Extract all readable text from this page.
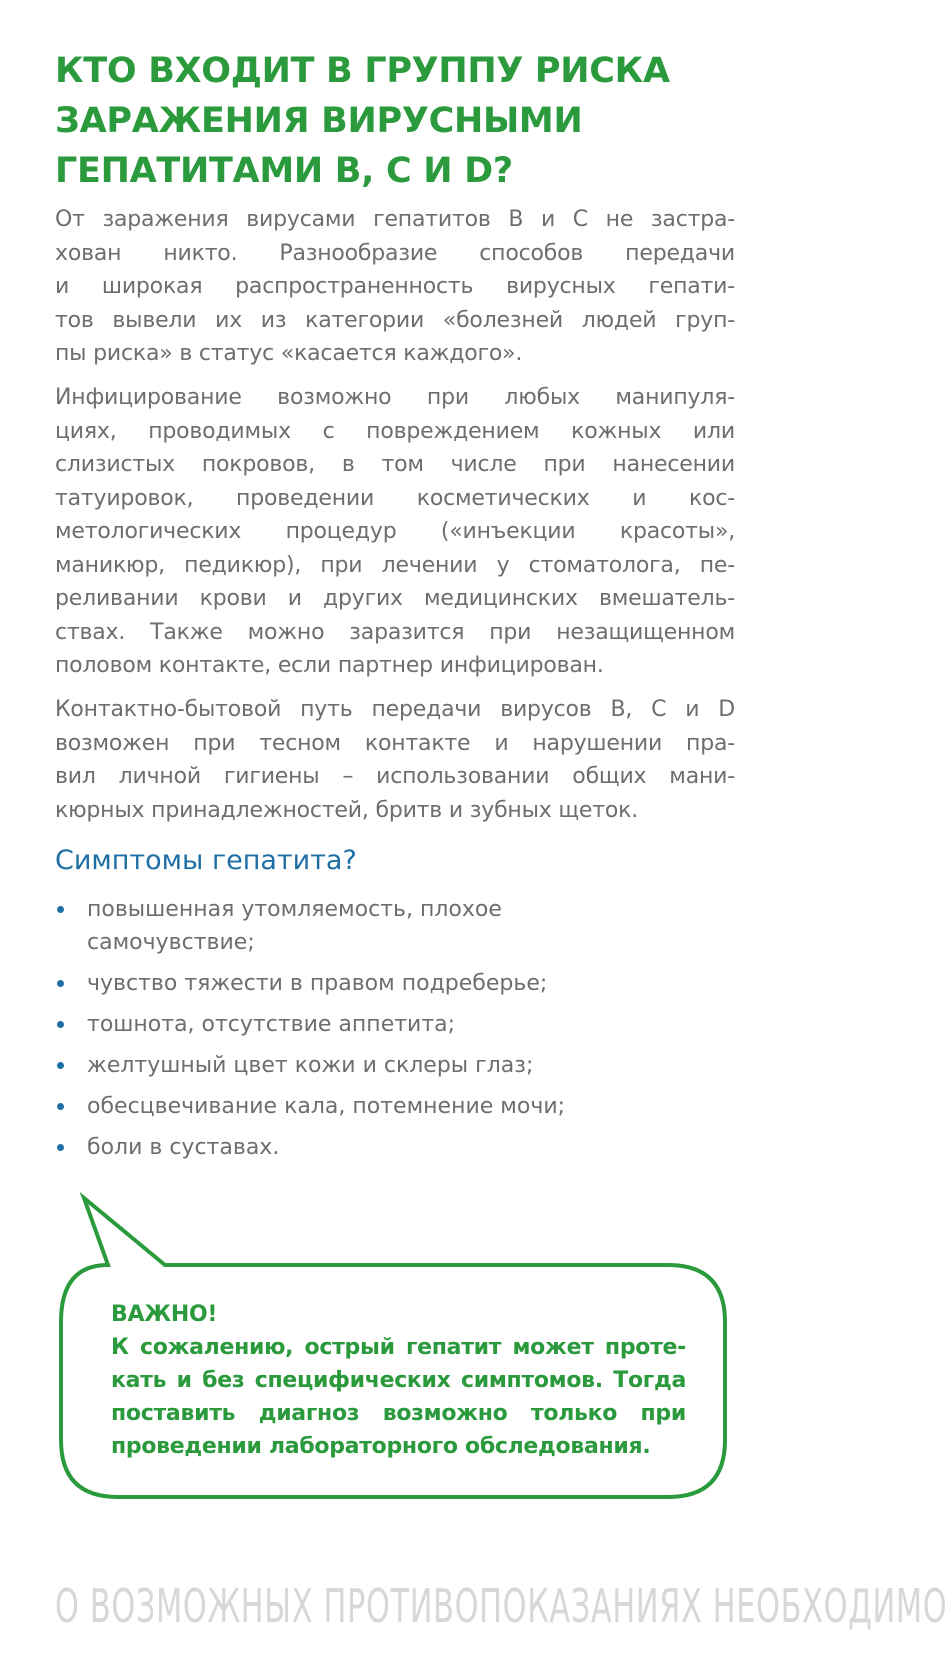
КТО ВХОДИТ В ГРУППУ РИСКА
ЗАРАЖЕНИЯ ВИРУСНЫМИ
ГЕПАТИТАМИ В, С И D?

От заражения вирусами гепатитов В и С не застра-
хован никто. Разнообразие способов передачи
и широкая распространенность вирусных гепати-
тов вывели их из категории «болезней людей груп-
пы риска» в статус «касается каждого».

Инфицирование возможно при любых манипуля-
циях, проводимых с повреждением кожных или
слизистых покровов, в том числе при нанесении
татуировок, проведении косметических и кос-
метологических процедур («инъекции красоты»,
маникюр, педикюр), при лечении у стоматолога, пе-
реливании крови и других медицинских вмешатель-
ствах. Также можно заразится при незащищенном
половом контакте, если партнер инфицирован.

Контактно-бытовой путь передачи вирусов В, С и D
возможен при тесном контакте и нарушении пра-
вил личной гигиены – использовании общих мани-
кюрных принадлежностей, бритв и зубных щеток.

Симптомы гепатита?
повышенная утомляемость, плохое
самочувствие;
чувство тяжести в правом подреберье;
тошнота, отсутствие аппетита;
желтушный цвет кожи и склеры глаз;
обесцвечивание кала, потемнение мочи;
боли в суставах.
ВАЖНО!
К сожалению, острый гепатит может проте-
кать и без специфических симптомов. Тогда
поставить диагноз возможно только при
проведении лабораторного обследования.
О ВОЗМОЖНЫХ ПРОТИВОПОКАЗАНИЯХ НЕОБХОДИМО
